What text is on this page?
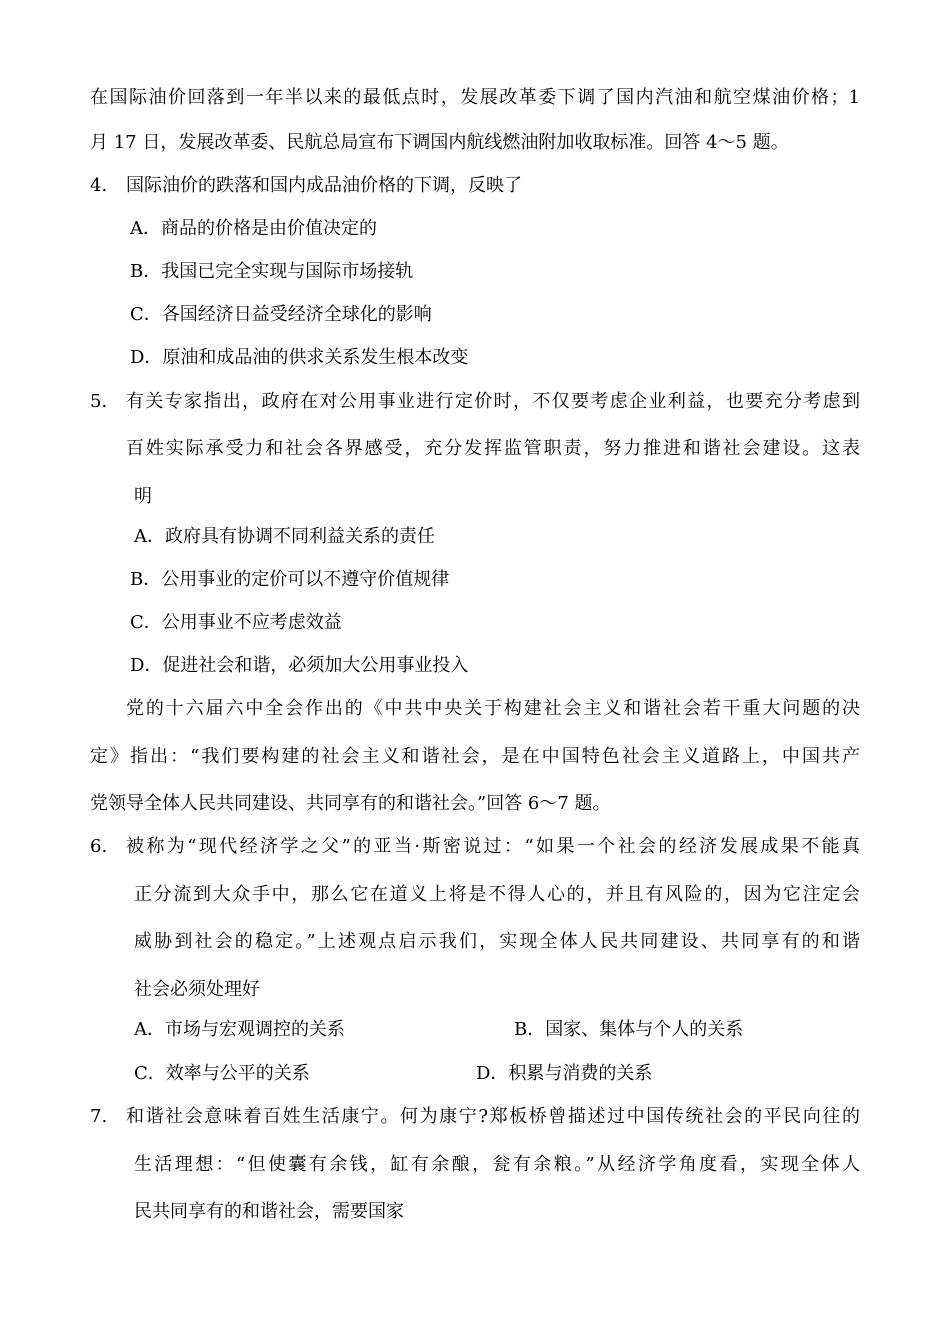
在国际油价回落到一年半以来的最低点时，发展改革委下调了国内汽油和航空煤油价格；1
月 17 日，发展改革委、民航总局宣布下调国内航线燃油附加收取标准。回答 4～5 题。
4. 国际油价的跌落和国内成品油价格的下调，反映了
A．商品的价格是由价值决定的
B．我国已完全实现与国际市场接轨
C．各国经济日益受经济全球化的影响
D．原油和成品油的供求关系发生根本改变
5. 有关专家指出，政府在对公用事业进行定价时，不仅要考虑企业利益，也要充分考虑到
百姓实际承受力和社会各界感受，充分发挥监管职责，努力推进和谐社会建设。这表
明
A．政府具有协调不同利益关系的责任
B．公用事业的定价可以不遵守价值规律
C．公用事业不应考虑效益
D．促进社会和谐，必须加大公用事业投入
党的十六届六中全会作出的《中共中央关于构建社会主义和谐社会若干重大问题的决
定》指出：“我们要构建的社会主义和谐社会，是在中国特色社会主义道路上，中国共产
党领导全体人民共同建设、共同享有的和谐社会。”回答 6～7 题。
6. 被称为“现代经济学之父”的亚当·斯密说过：“如果一个社会的经济发展成果不能真
正分流到大众手中，那么它在道义上将是不得人心的，并且有风险的，因为它注定会
威胁到社会的稳定。”上述观点启示我们，实现全体人民共同建设、共同享有的和谐
社会必须处理好
A．市场与宏观调控的关系	B．国家、集体与个人的关系
C．效率与公平的关系	D．积累与消费的关系
7. 和谐社会意味着百姓生活康宁。何为康宁?郑板桥曾描述过中国传统社会的平民向往的
生活理想：“但使囊有余钱，缸有余酿，瓮有余粮。”从经济学角度看，实现全体人
民共同享有的和谐社会，需要国家
